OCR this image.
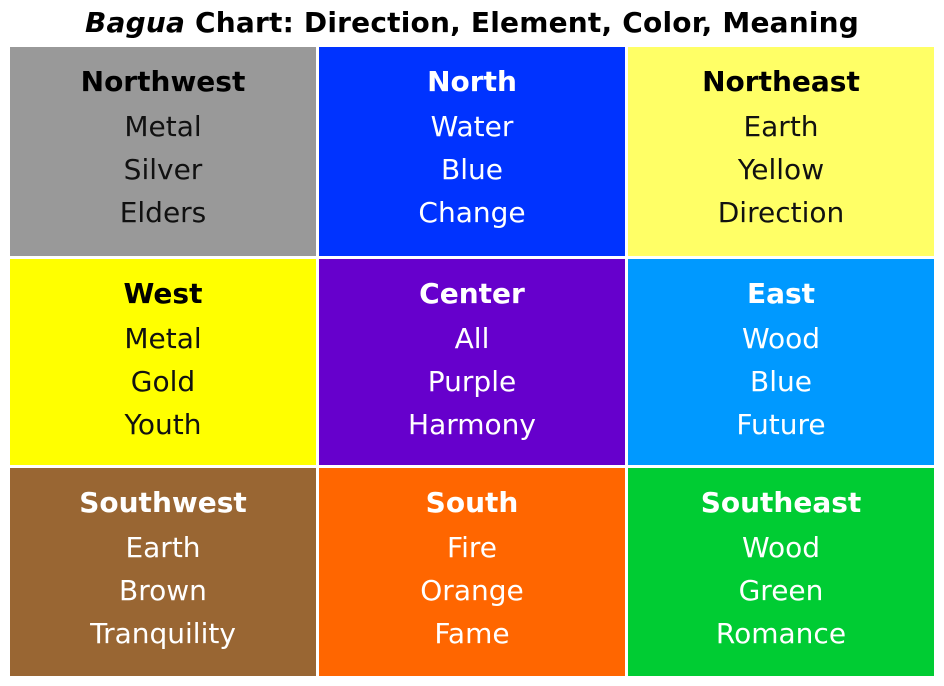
Bagua Chart: Direction, Element, Color, Meaning
Northwest
Metal
Silver
Elders
North
Water
Blue
Change
Northeast
Earth
Yellow
Direction
West
Metal
Gold
Youth
Center
All
Purple
Harmony
East
Wood
Blue
Future
Southwest
Earth
Brown
Tranquility
South
Fire
Orange
Fame
Southeast
Wood
Green
Romance
